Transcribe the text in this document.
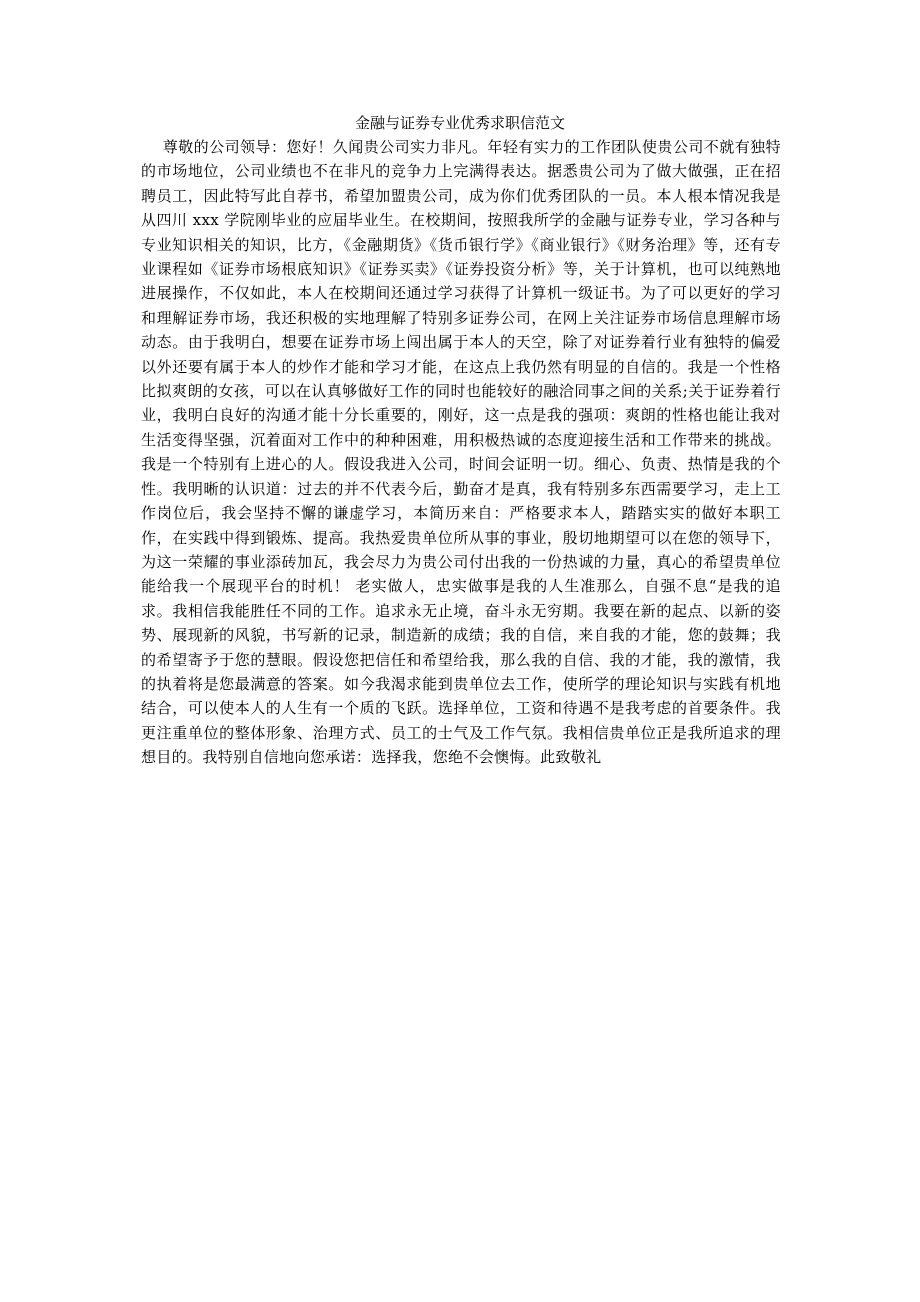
金融与证券专业优秀求职信范文

尊敬的公司领导：您好！久闻贵公司实力非凡。年轻有实力的工作团队使贵公司不就有独特的市场地位，公司业绩也不在非凡的竞争力上完满得表达。据悉贵公司为了做大做强，正在招聘员工，因此特写此自荐书，希望加盟贵公司，成为你们优秀团队的一员。本人根本情况我是从四川 xxx 学院刚毕业的应届毕业生。在校期间，按照我所学的金融与证券专业，学习各种与专业知识相关的知识，比方，《金融期货》《货币银行学》《商业银行》《财务治理》等，还有专业课程如《证券市场根底知识》《证券买卖》《证券投资分析》等，关于计算机，也可以纯熟地进展操作，不仅如此，本人在校期间还通过学习获得了计算机一级证书。为了可以更好的学习和理解证券市场，我还积极的实地理解了特别多证券公司，在网上关注证券市场信息理解市场动态。由于我明白，想要在证券市场上闯出属于本人的天空，除了对证券着行业有独特的偏爱以外还要有属于本人的炒作才能和学习才能，在这点上我仍然有明显的自信的。我是一个性格比拟爽朗的女孩，可以在认真够做好工作的同时也能较好的融洽同事之间的关系;关于证券着行业，我明白良好的沟通才能十分长重要的，刚好，这一点是我的强项：爽朗的性格也能让我对生活变得坚强，沉着面对工作中的种种困难，用积极热诚的态度迎接生活和工作带来的挑战。我是一个特别有上进心的人。假设我进入公司，时间会证明一切。细心、负责、热情是我的个性。我明晰的认识道：过去的并不代表今后，勤奋才是真，我有特别多东西需要学习，走上工作岗位后，我会坚持不懈的谦虚学习，本简历来自：严格要求本人，踏踏实实的做好本职工作，在实践中得到锻炼、提高。我热爱贵单位所从事的事业，殷切地期望可以在您的领导下，为这一荣耀的事业添砖加瓦，我会尽力为贵公司付出我的一份热诚的力量，真心的希望贵单位能给我一个展现平台的时机！ 老实做人，忠实做事是我的人生准那么，自强不息“是我的追求。我相信我能胜任不同的工作。追求永无止境，奋斗永无穷期。我要在新的起点、以新的姿势、展现新的风貌，书写新的记录，制造新的成绩；我的自信，来自我的才能，您的鼓舞；我的希望寄予于您的慧眼。假设您把信任和希望给我，那么我的自信、我的才能，我的激情，我的执着将是您最满意的答案。如今我渴求能到贵单位去工作，使所学的理论知识与实践有机地结合，可以使本人的人生有一个质的飞跃。选择单位，工资和待遇不是我考虑的首要条件。我更注重单位的整体形象、治理方式、员工的士气及工作气氛。我相信贵单位正是我所追求的理想目的。我特别自信地向您承诺：选择我，您绝不会懊悔。此致敬礼
